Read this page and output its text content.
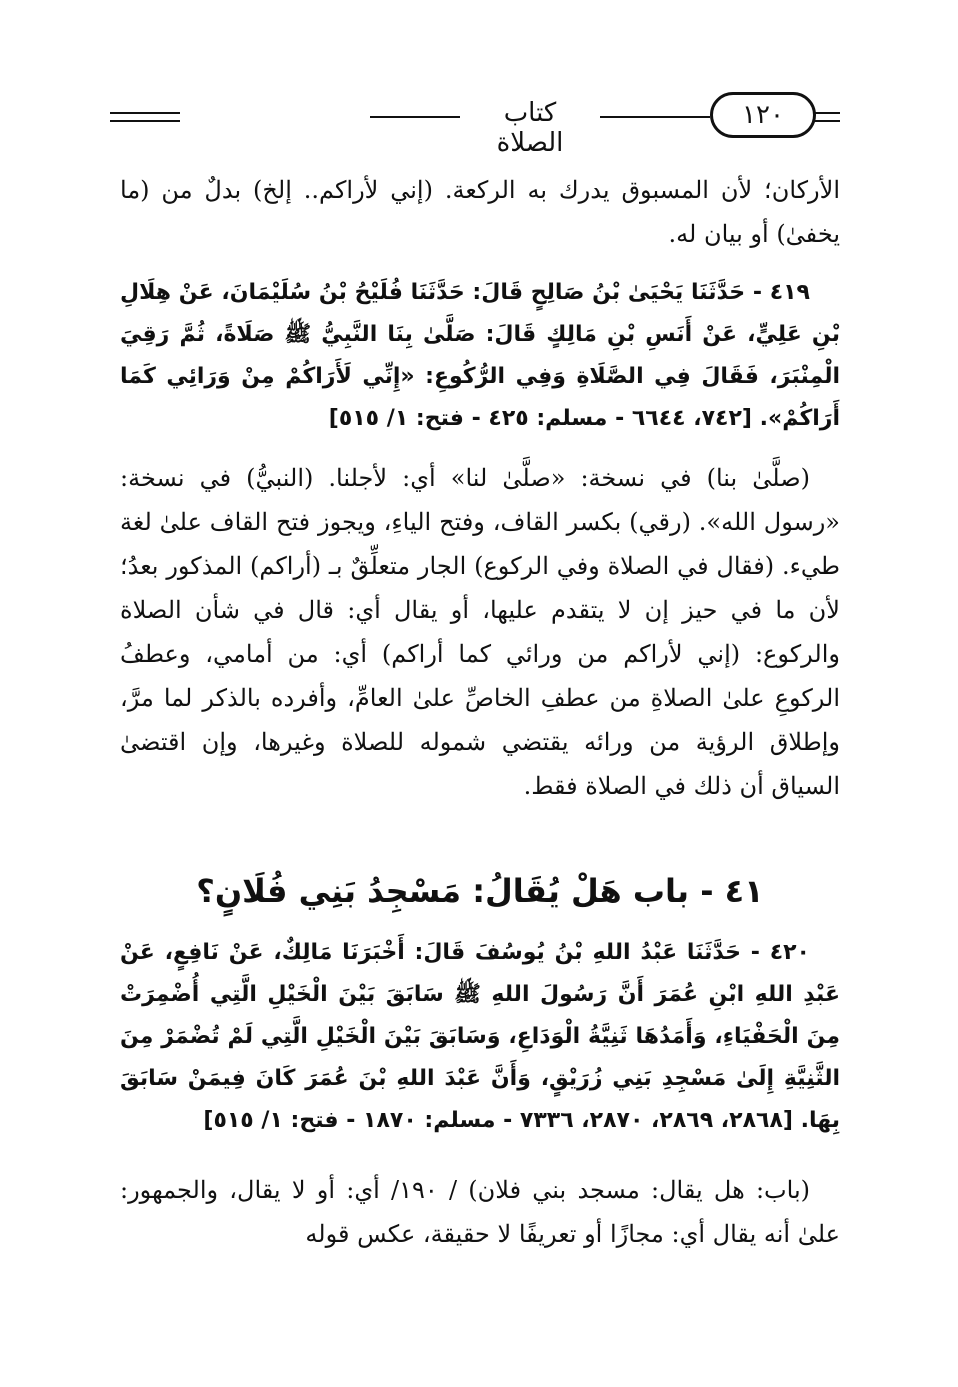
كتاب الصلاة
١٢٠
الأركان؛ لأن المسبوق يدرك به الركعة. (إني لأراكم.. إلخ) بدلٌ من (ما يخفىٰ) أو بيان له.
٤١٩ - حَدَّثَنَا يَحْيَىٰ بْنُ صَالِحٍ قَالَ: حَدَّثَنَا فُلَيْحُ بْنُ سُلَيْمَانَ، عَنْ هِلَالِ بْنِ عَلِيٍّ، عَنْ أَنَسِ بْنِ مَالِكٍ قَالَ: صَلَّىٰ بِنَا النَّبِيُّ ﷺ صَلَاةً، ثُمَّ رَقِيَ الْمِنْبَرَ، فَقَالَ فِي الصَّلَاةِ وَفِي الرُّكُوعِ: «إِنِّي لَأَرَاكُمْ مِنْ وَرَائِي كَمَا أَرَاكُمْ». [٧٤٢، ٦٦٤٤ - مسلم: ٤٢٥ - فتح: ١/ ٥١٥]
(صلَّىٰ بنا) في نسخة: «صلَّىٰ لنا» أي: لأجلنا. (النبيُّ) في نسخة: «رسول الله». (رقي) بكسر القاف، وفتح الياءِ، ويجوز فتح القاف علىٰ لغة طيء. (فقال في الصلاة وفي الركوع) الجار متعلِّقٌ بـ (أراكم) المذكور بعدُ؛ لأن ما في حيز إن لا يتقدم عليها، أو يقال أي: قال في شأن الصلاة والركوع: (إني لأراكم من ورائي كما أراكم) أي: من أمامي، وعطفُ الركوعِ علىٰ الصلاةِ من عطفِ الخاصِّ علىٰ العامِّ، وأفرده بالذكر لما مرَّ، وإطلاق الرؤية من ورائه يقتضي شموله للصلاة وغيرها، وإن اقتضىٰ السياق أن ذلك في الصلاة فقط.
٤١ - باب هَلْ يُقَالُ: مَسْجِدُ بَنِي فُلَانٍ؟
٤٢٠ - حَدَّثَنَا عَبْدُ اللهِ بْنُ يُوسُفَ قَالَ: أَخْبَرَنَا مَالِكٌ، عَنْ نَافِعٍ، عَنْ عَبْدِ اللهِ ابْنِ عُمَرَ أَنَّ رَسُولَ اللهِ ﷺ سَابَقَ بَيْنَ الْخَيْلِ الَّتِي أُضْمِرَتْ مِنَ الْحَفْيَاءِ، وَأَمَدُهَا ثَنِيَّةُ الْوَدَاعِ، وَسَابَقَ بَيْنَ الْخَيْلِ الَّتِي لَمْ تُضْمَرْ مِنَ الثَّنِيَّةِ إِلَىٰ مَسْجِدِ بَنِي زُرَيْقٍ، وَأَنَّ عَبْدَ اللهِ بْنَ عُمَرَ كَانَ فِيمَنْ سَابَقَ بِهَا. [٢٨٦٨، ٢٨٦٩، ٢٨٧٠، ٧٣٣٦ - مسلم: ١٨٧٠ - فتح: ١/ ٥١٥]
(باب: هل يقال: مسجد بني فلان) / ١٩٠/ أي: أو لا يقال، والجمهور: علىٰ أنه يقال أي: مجازًا أو تعريفًا لا حقيقة، عكس قوله
